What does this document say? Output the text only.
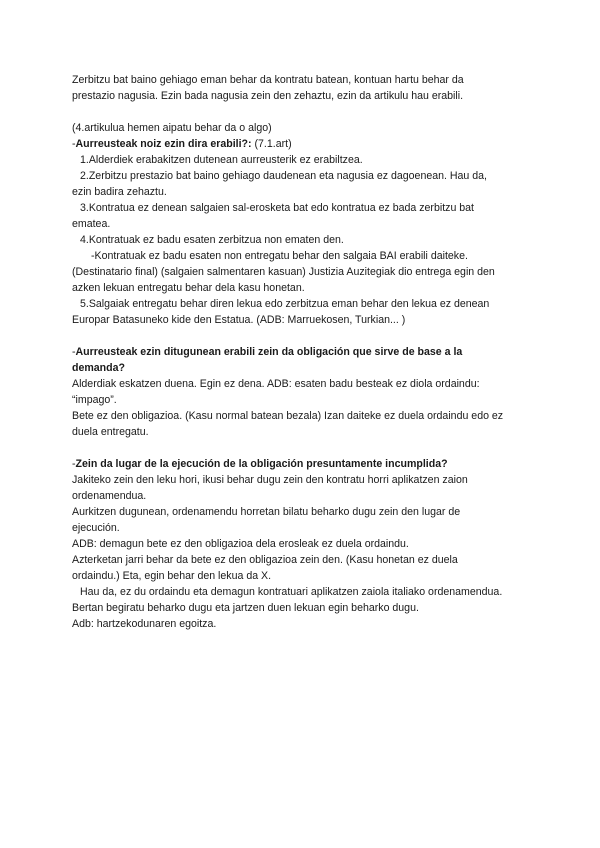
Zerbitzu bat baino gehiago eman behar da kontratu batean, kontuan hartu behar da

prestazio nagusia. Ezin bada nagusia zein den zehaztu, ezin da artikulu hau erabili.

(4.artikulua hemen aipatu behar da o algo)

-Aurreusteak noiz ezin dira erabili?: (7.1.art)

1.Alderdiek erabakitzen dutenean aurreusterik ez erabiltzea.

2.Zerbitzu prestazio bat baino gehiago daudenean eta nagusia ez dagoenean. Hau da,

ezin badira zehaztu.

3.Kontratua ez denean salgaien sal-erosketa bat edo kontratua ez bada zerbitzu bat

ematea.

4.Kontratuak ez badu esaten zerbitzua non ematen den.

-Kontratuak ez badu esaten non entregatu behar den salgaia BAI erabili daiteke.

(Destinatario final) (salgaien salmentaren kasuan) Justizia Auzitegiak dio entrega egin den

azken lekuan entregatu behar dela kasu honetan.

5.Salgaiak entregatu behar diren lekua edo zerbitzua eman behar den lekua ez denean

Europar Batasuneko kide den Estatua. (ADB: Marruekosen, Turkian... )

-Aurreusteak ezin ditugunean erabili zein da obligación que sirve de base a la

demanda?

Alderdiak eskatzen duena. Egin ez dena. ADB: esaten badu besteak ez diola ordaindu:

“impago”.

Bete ez den obligazioa. (Kasu normal batean bezala) Izan daiteke ez duela ordaindu edo ez

duela entregatu.

-Zein da lugar de la ejecución de la obligación presuntamente incumplida?

Jakiteko zein den leku hori, ikusi behar dugu zein den kontratu horri aplikatzen zaion

ordenamendua.

Aurkitzen dugunean, ordenamendu horretan bilatu beharko dugu zein den lugar de

ejecución.

ADB: demagun bete ez den obligazioa dela erosleak ez duela ordaindu.

Azterketan jarri behar da bete ez den obligazioa zein den. (Kasu honetan ez duela

ordaindu.) Eta, egin behar den lekua da X.

Hau da, ez du ordaindu eta demagun kontratuari aplikatzen zaiola italiako ordenamendua.

Bertan begiratu beharko dugu eta jartzen duen lekuan egin beharko dugu.

Adb: hartzekodunaren egoitza.
